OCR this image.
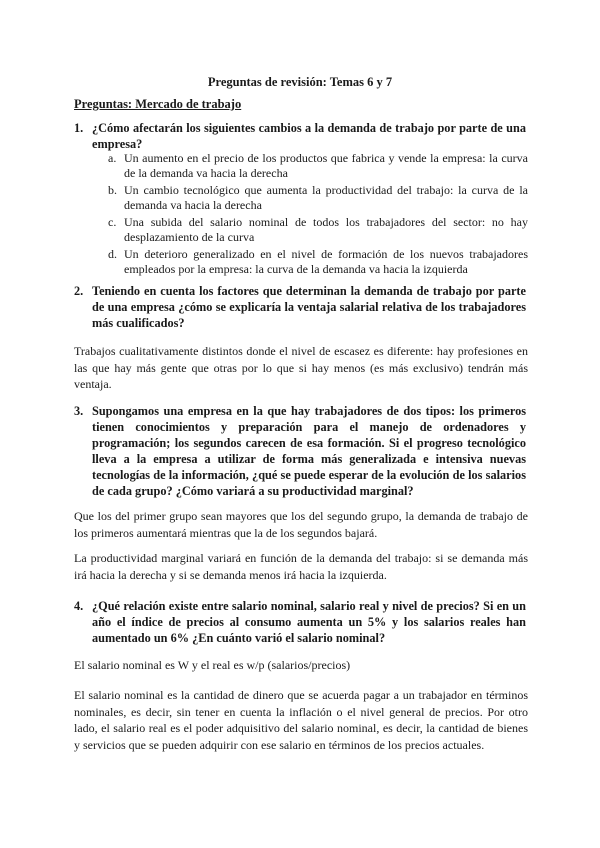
Preguntas de revisión: Temas 6 y 7
Preguntas: Mercado de trabajo
1. ¿Cómo afectarán los siguientes cambios a la demanda de trabajo por parte de una empresa?
a. Un aumento en el precio de los productos que fabrica y vende la empresa: la curva de la demanda va hacia la derecha
b. Un cambio tecnológico que aumenta la productividad del trabajo: la curva de la demanda va hacia la derecha
c. Una subida del salario nominal de todos los trabajadores del sector: no hay desplazamiento de la curva
d. Un deterioro generalizado en el nivel de formación de los nuevos trabajadores empleados por la empresa: la curva de la demanda va hacia la izquierda
2. Teniendo en cuenta los factores que determinan la demanda de trabajo por parte de una empresa ¿cómo se explicaría la ventaja salarial relativa de los trabajadores más cualificados?

Trabajos cualitativamente distintos donde el nivel de escasez es diferente: hay profesiones en las que hay más gente que otras por lo que si hay menos (es más exclusivo) tendrán más ventaja.

3. Supongamos una empresa en la que hay trabajadores de dos tipos: los primeros tienen conocimientos y preparación para el manejo de ordenadores y programación; los segundos carecen de esa formación. Si el progreso tecnológico lleva a la empresa a utilizar de forma más generalizada e intensiva nuevas tecnologías de la información, ¿qué se puede esperar de la evolución de los salarios de cada grupo? ¿Cómo variará a su productividad marginal?

Que los del primer grupo sean mayores que los del segundo grupo, la demanda de trabajo de los primeros aumentará mientras que la de los segundos bajará.

La productividad marginal variará en función de la demanda del trabajo: si se demanda más irá hacia la derecha y si se demanda menos irá hacia la izquierda.

4. ¿Qué relación existe entre salario nominal, salario real y nivel de precios? Si en un año el índice de precios al consumo aumenta un 5% y los salarios reales han aumentado un 6% ¿En cuánto varió el salario nominal?

El salario nominal es W y el real es w/p (salarios/precios)

El salario nominal es la cantidad de dinero que se acuerda pagar a un trabajador en términos nominales, es decir, sin tener en cuenta la inflación o el nivel general de precios. Por otro lado, el salario real es el poder adquisitivo del salario nominal, es decir, la cantidad de bienes y servicios que se pueden adquirir con ese salario en términos de los precios actuales.
